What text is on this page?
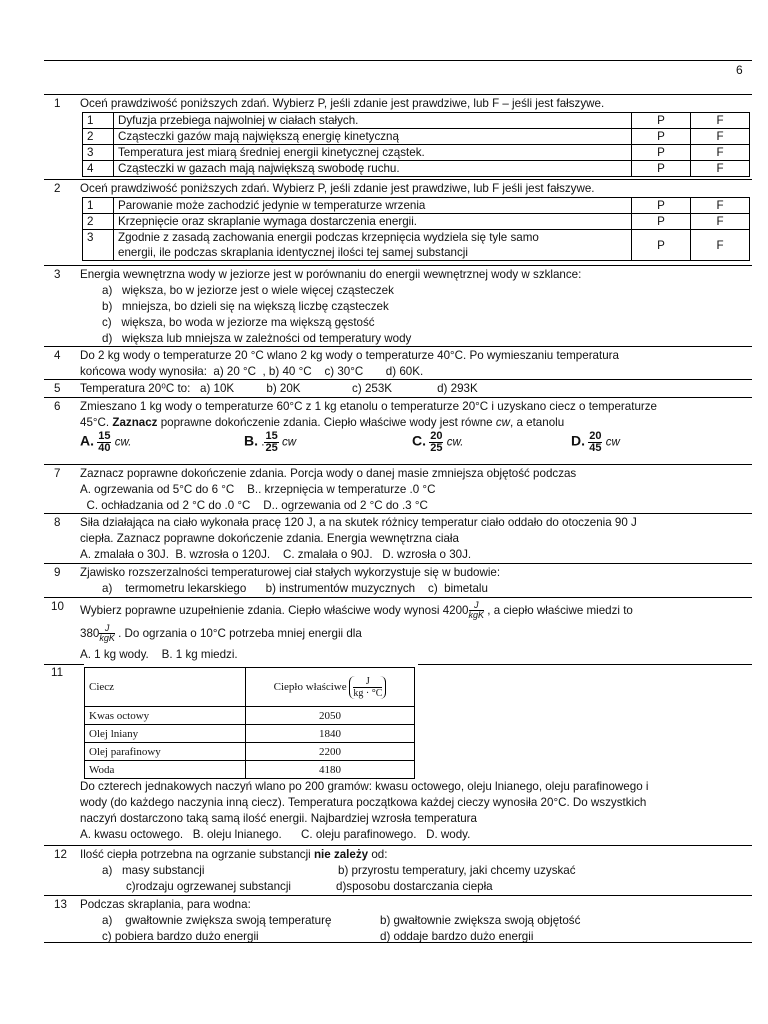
6
1 Oceń prawdziwość poniższych zdań. Wybierz P, jeśli zdanie jest prawdziwe, lub F – jeśli jest fałszywe.
1	Dyfuzja przebiega najwolniej w ciałach stałych.	P	F
2	Cząsteczki gazów mają największą energię kinetyczną	P	F
3	Temperatura jest miarą średniej energii kinetycznej cząstek.	P	F
4	Cząsteczki w gazach mają największą swobodę ruchu.	P	F
2 Oceń prawdziwość poniższych zdań. Wybierz P, jeśli zdanie jest prawdziwe, lub F jeśli jest fałszywe.
1	Parowanie może zachodzić jedynie w temperaturze wrzenia	P	F
2	Krzepnięcie oraz skraplanie wymaga dostarczenia energii.	P	F
3	Zgodnie z zasadą zachowania energii podczas krzepnięcia wydziela się tyle samo
energii, ile podczas skraplania identycznej ilości tej samej substancji	P	F
3 Energia wewnętrzna wody w jeziorze jest w porównaniu do energii wewnętrznej wody w szklance:
a) większa, bo w jeziorze jest o wiele więcej cząsteczek
b) mniejsza, bo dzieli się na większą liczbę cząsteczek
c) większa, bo woda w jeziorze ma większą gęstość
d) większa lub mniejsza w zależności od temperatury wody
4 Do 2 kg wody o temperaturze 20 °C wlano 2 kg wody o temperaturze 40°C. Po wymieszaniu temperatura
końcowa wody wynosiła:  a) 20 °C  , b) 40 °C    c) 30°C       d) 60K.
5 Temperatura 20⁰C to:   a) 10K          b) 20K                c) 253K              d) 293K
6 Zmieszano 1 kg wody o temperaturze 60°C z 1 kg etanolu o temperaturze 20°C i uzyskano ciecz o temperaturze
45°C. Zaznacz poprawne dokończenie zdania. Ciepło właściwe wody jest równe cw, a etanolu
A. $\frac{15}{40}$ cw.	B. . $\frac{15}{25}$ cw	C. $\frac{20}{25}$ cw.	D. $\frac{20}{45}$ cw
7 Zaznacz poprawne dokończenie zdania. Porcja wody o danej masie zmniejsza objętość podczas
A. ogrzewania od 5°C do 6 °C    B.. krzepnięcia w temperaturze .0 °C
C. ochładzania od 2 °C do .0 °C    D.. ogrzewania od 2 °C do .3 °C
8 Siła działająca na ciało wykonała pracę 120 J, a na skutek różnicy temperatur ciało oddało do otoczenia 90 J
ciepła. Zaznacz poprawne dokończenie zdania. Energia wewnętrzna ciała
A. zmalała o 30J.  B. wzrosła o 120J.    C. zmalała o 90J.   D. wzrosła o 30J.
9 Zjawisko rozszerzalności temperaturowej ciał stałych wykorzystuje się w budowie:
a)    termometru lekarskiego      b) instrumentów muzycznych    c)  bimetalu
10 Wybierz poprawne uzupełnienie zdania. Ciepło właściwe wody wynosi $4200 \frac{J}{\text{kgK}}$ , a ciepło właściwe miedzi to
$380 \frac{J}{\text{kgK}}$ . Do ogrzania o 10°C potrzeba mniej energii dla
A. 1 kg wody.    B. 1 kg miedzi.
11
Ciecz	Ciepło właściwe $\frac{J}{kg \cdot ^\circ C}$

Kwas octowy	2050
Olej lniany	1840
Olej parafinowy	2200
Woda	4180
Do czterech jednakowych naczyń wlano po 200 gramów: kwasu octowego, oleju lnianego, oleju parafinowego i
wody (do każdego naczynia inną ciecz). Temperatura początkowa każdej cieczy wynosiła 20°C. Do wszystkich
naczyń dostarczono taką samą ilość energii. Najbardziej wzrosła temperatura
A. kwasu octowego.   B. oleju lnianego.      C. oleju parafinowego.   D. wody.
12 Ilość ciepła potrzebna na ogrzanie substancji nie zależy od:
a)   masy substancji	b) przyrostu temperatury, jaki chcemy uzyskać
c)rodzaju ogrzewanej substancji	d)sposobu dostarczania ciepła
13 Podczas skraplania, para wodna:
a)    gwałtownie zwiększa swoją temperaturę	b) gwałtownie zwiększa swoją objętość
c) pobiera bardzo dużo energii	d) oddaje bardzo dużo energii
